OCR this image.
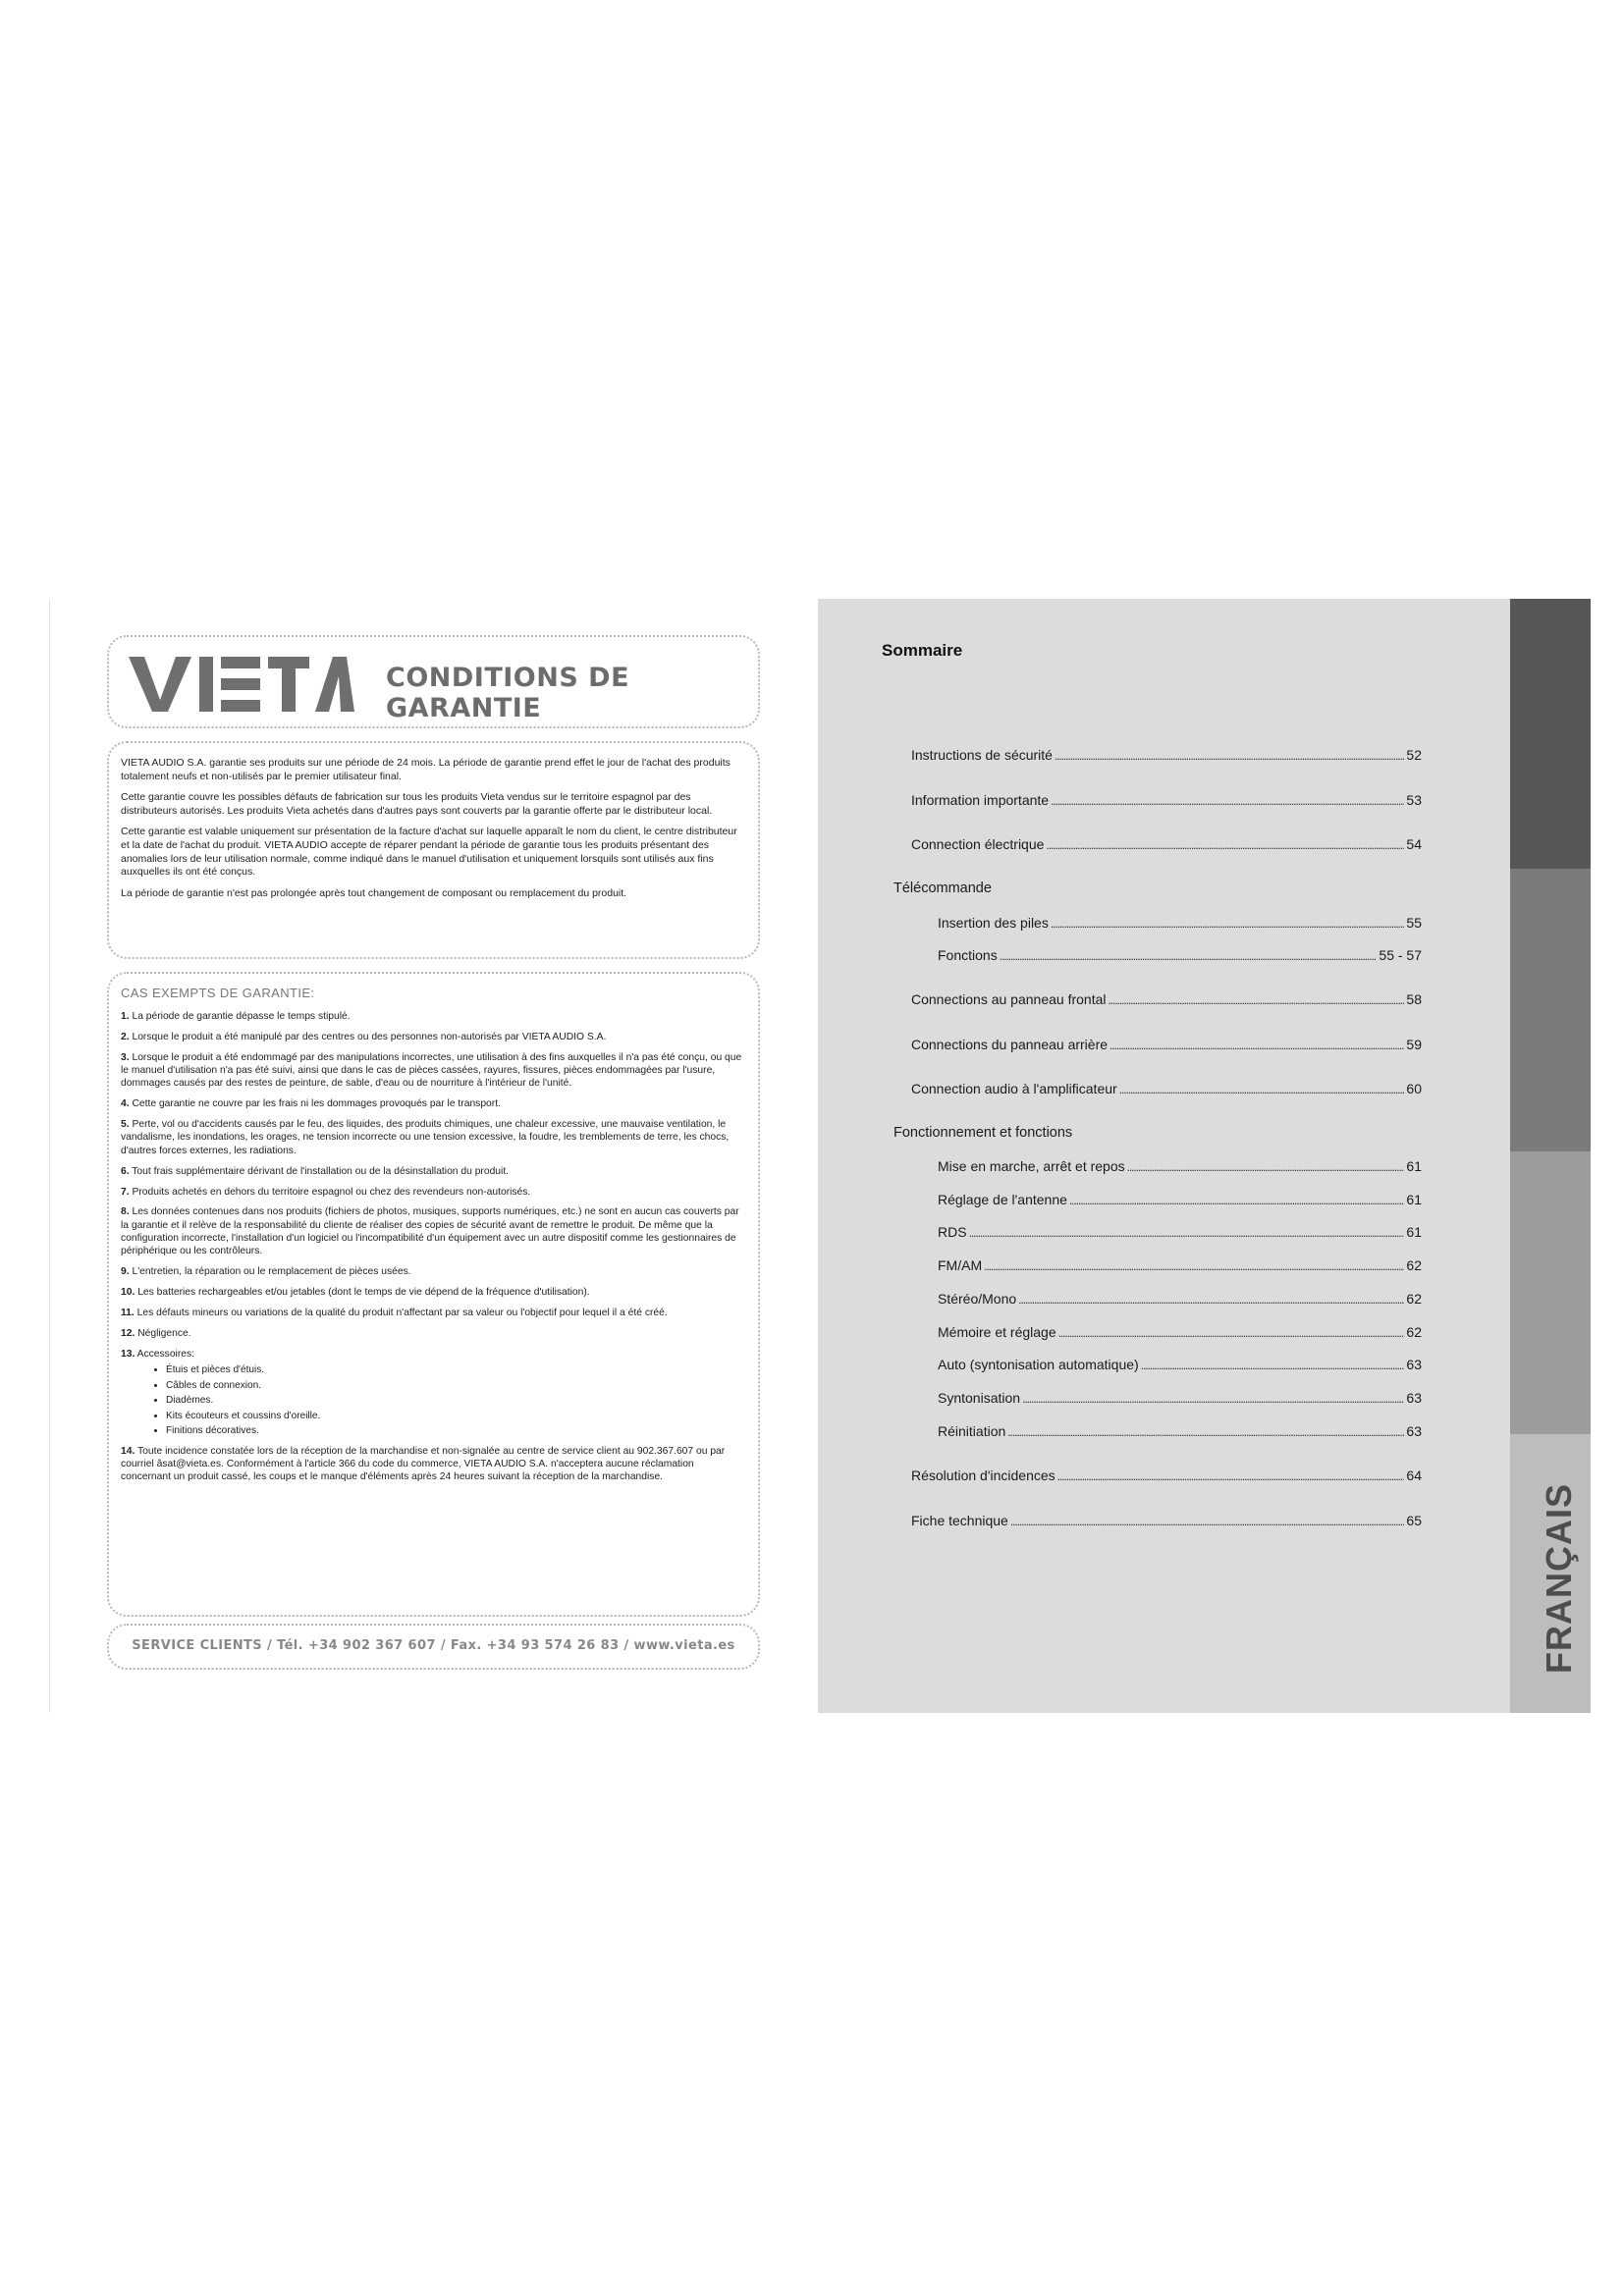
CONDITIONS DE GARANTIE

VIETA AUDIO S.A. garantie ses produits sur une période de 24 mois. La période de garantie prend effet le jour de l'achat des produits totalement neufs et non-utilisés par le premier utilisateur final.

Cette garantie couvre les possibles défauts de fabrication sur tous les produits Vieta vendus sur le territoire espagnol par des distributeurs autorisés. Les produits Vieta achetés dans d'autres pays sont couverts par la garantie offerte par le distributeur local.

Cette garantie est valable uniquement sur présentation de la facture d'achat sur laquelle apparaît le nom du client, le centre distributeur et la date de l'achat du produit. VIETA AUDIO accepte de réparer pendant la période de garantie tous les produits présentant des anomalies lors de leur utilisation normale, comme indiqué dans le manuel d'utilisation et uniquement lorsquils sont utilisés aux fins auxquelles ils ont été conçus.

La période de garantie n'est pas prolongée après tout changement de composant ou remplacement du produit.

CAS EXEMPTS DE GARANTIE:
1. La période de garantie dépasse le temps stipulé.
2. Lorsque le produit a été manipulé par des centres ou des personnes non-autorisés par VIETA AUDIO S.A.
3. Lorsque le produit a été endommagé par des manipulations incorrectes, une utilisation à des fins auxquelles il n'a pas été conçu, ou que le manuel d'utilisation n'a pas été suivi, ainsi que dans le cas de pièces cassées, rayures, fissures, pièces endommagées par l'usure, dommages causés par des restes de peinture, de sable, d'eau ou de nourriture à l'intérieur de l'unité.
4. Cette garantie ne couvre par les frais ni les dommages provoqués par le transport.
5. Perte, vol ou d'accidents causés par le feu, des liquides, des produits chimiques, une chaleur excessive, une mauvaise ventilation, le vandalisme, les inondations, les orages, ne tension incorrecte ou une tension excessive, la foudre, les tremblements de terre, les chocs, d'autres forces externes, les radiations.
6. Tout frais supplémentaire dérivant de l'installation ou de la désinstallation du produit.
7. Produits achetés en dehors du territoire espagnol ou chez des revendeurs non-autorisés.
8. Les données contenues dans nos produits (fichiers de photos, musiques, supports numériques, etc.) ne sont en aucun cas couverts par la garantie et il relève de la responsabilité du cliente de réaliser des copies de sécurité avant de remettre le produit. De même que la configuration incorrecte, l'installation d'un logiciel ou l'incompatibilité d'un équipement avec un autre dispositif comme les gestionnaires de périphérique ou les contrôleurs.
9. L'entretien, la réparation ou le remplacement de pièces usées.
10. Les batteries rechargeables et/ou jetables (dont le temps de vie dépend de la fréquence d'utilisation).
11. Les défauts mineurs ou variations de la qualité du produit n'affectant par sa valeur ou l'objectif pour lequel il a été créé.
12. Négligence.
13. Accessoires:
• Étuis et pièces d'étuis.
• Câbles de connexion.
• Diadèmes.
• Kits écouteurs et coussins d'oreille.
• Finitions décoratives.
14. Toute incidence constatée lors de la réception de la marchandise et non-signalée au centre de service client au 902.367.607 ou par courriel âsat@vieta.es. Conformément à l'article 366 du code du commerce, VIETA AUDIO S.A. n'acceptera aucune réclamation concernant un produit cassé, les coups et le manque d'éléments après 24 heures suivant la réception de la marchandise.
SERVICE CLIENTS / Tél. +34 902 367 607 / Fax. +34 93 574 26 83 / www.vieta.es
Sommaire
Instructions de sécurité . . .	52
Information importante . . .	53
Connection électrique . . .	54
Télécommande
Insertion des piles . . .	55
Fonctions . . .	55 - 57
Connections au panneau frontal . . .	58
Connections du panneau arrière . . .	59
Connection audio à l'amplificateur . . .	60
Fonctionnement et fonctions
Mise en marche, arrêt et repos . . .	61
Réglage de l'antenne . . .	61
RDS . . .	61
FM/AM . . .	62
Stéréo/Mono . . .	62
Mémoire et réglage . . .	62
Auto (syntonisation automatique) . . .	63
Syntonisation . . .	63
Réinitiation . . .	63
Résolution d'incidences . . .	64
Fiche technique . . .	65	FRANÇAIS
